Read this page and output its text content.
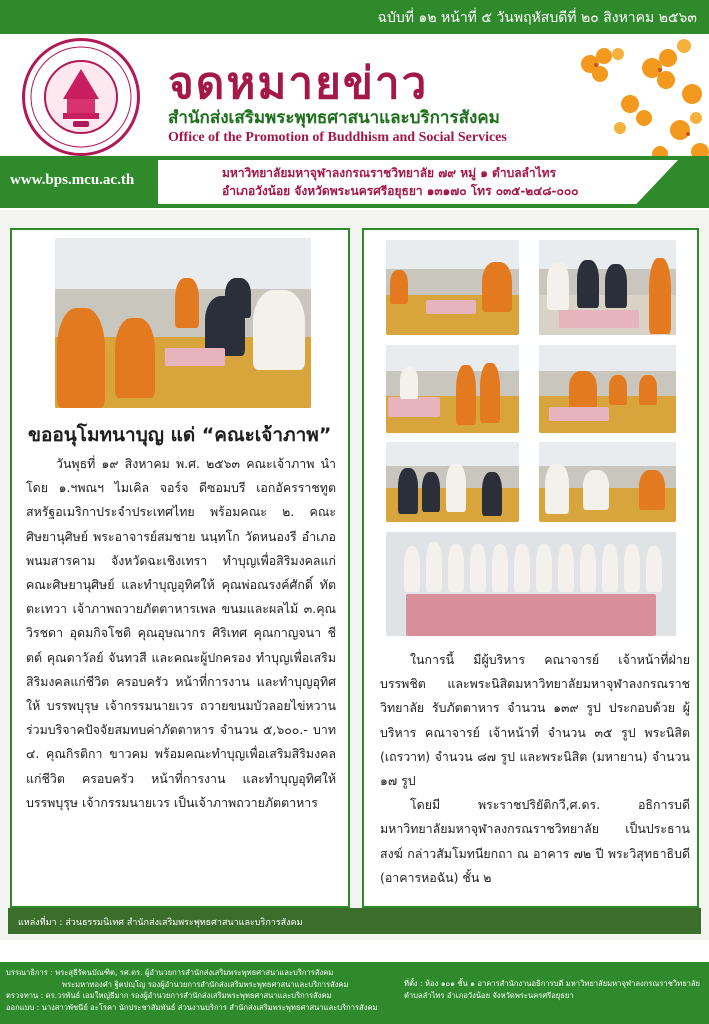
ฉบับที่ ๑๒ หน้าที่ ๕ วันพฤหัสบดีที่ ๒๐ สิงหาคม ๒๕๖๓
จดหมายข่าว
สำนักส่งเสริมพระพุทธศาสนาและบริการสังคม
Office of the Promotion of Buddhism and Social Services
www.bps.mcu.ac.th	มหาวิทยาลัยมหาจุฬาลงกรณราชวิทยาลัย ๗๙ หมู่ ๑ ตำบลลำไทร
อำเภอวังน้อย จังหวัดพระนครศรีอยุธยา ๑๓๑๗๐ โทร ๐๓๕-๒๔๘-๐๐๐
ขออนุโมทนาบุญ แด่ “คณะเจ้าภาพ”

วันพุธที่ ๑๙ สิงหาคม พ.ศ. ๒๕๖๓ คณะเจ้าภาพ นำโดย ๑.ฯพณฯ ไมเคิล จอร์จ ดีซอมบรี เอกอัครราชทูตสหรัฐอเมริกาประจำประเทศไทย พร้อมคณะ ๒. คณะศิษยานุศิษย์ พระอาจารย์สมชาย นนฺทโก วัดหนองรี อำเภอพนมสารคาม จังหวัดฉะเชิงเทรา ทำบุญเพื่อสิริมงคลแก่คณะศิษยานุศิษย์ และทำบุญอุทิศให้ คุณพ่อณรงค์ศักดิ์ ทัตตะเทวา เจ้าภาพถวายภัตตาหารเพล ขนมและผลไม้ ๓.คุณวิรชดา อุดมกิจโชติ คุณอุษณากร ศิริเทศ คุณกาญจนา ชีตต์ คุณดาวัลย์ จันทวสี และคณะผู้ปกครอง ทำบุญเพื่อเสริมสิริมงคลแก่ชีวิต ครอบครัว หน้าที่การงาน และทำบุญอุทิศให้ บรรพบุรุษ เจ้ากรรมนายเวร ถวายขนมบัวลอยไข่หวาน ร่วมบริจาคปัจจัยสมทบค่าภัตตาหาร จำนวน ๕,๖๐๐.- บาท ๔. คุณกิรติกา ขาวคม พร้อมคณะทำบุญเพื่อเสริมสิริมงคลแก่ชีวิต ครอบครัว หน้าที่การงาน และทำบุญอุทิศให้ บรรพบุรุษ เจ้ากรรมนายเวร เป็นเจ้าภาพถวายภัตตาหาร

ในการนี้ มีผู้บริหาร คณาจารย์ เจ้าหน้าที่ฝ่ายบรรพชิต และพระนิสิตมหาวิทยาลัยมหาจุฬาลงกรณราชวิทยาลัย รับภัตตาหาร จำนวน ๑๓๙ รูป ประกอบด้วย ผู้บริหาร คณาจารย์ เจ้าหน้าที่ จำนวน ๓๕ รูป พระนิสิต (เถรวาท) จำนวน ๘๗ รูป และพระนิสิต (มหายาน) จำนวน ๑๗ รูป

โดยมี พระราชปริยัติกวี,ศ.ดร. อธิการบดี มหาวิทยาลัยมหาจุฬาลงกรณราชวิทยาลัย เป็นประธานสงฆ์ กล่าวสัมโมทนียกถา ณ อาคาร ๗๒ ปี พระวิสุทธาธิบดี (อาคารหอฉัน) ชั้น ๒

แหล่งที่มา : ส่วนธรรมนิเทศ สำนักส่งเสริมพระพุทธศาสนาและบริการสังคม
บรรณาธิการ : พระสุธีรัตนบัณฑิต, รศ.ดร. ผู้อำนวยการสำนักส่งเสริมพระพุทธศาสนาและบริการสังคม
พระมหาทองคำ ฐิตปญฺโญ รองผู้อำนวยการสำนักส่งเสริมพระพุทธศาสนาและบริการสังคม
ตรวจทาน : ดร.วรพันธ์ เอมใหญ่ธีมาก รองผู้อำนวยการสำนักส่งเสริมพระพุทธศาสนาและบริการสังคม
ออกแบบ : นางสาวพัชนีย์ อะโรคา นักประชาสัมพันธ์ ส่วนงานบริการ สำนักส่งเสริมพระพุทธศาสนาและบริการสังคม
ที่ตั้ง : ห้อง ๑๐๑ ชั้น ๑ อาคารสำนักงานอธิการบดี มหาวิทยาลัยมหาจุฬาลงกรณราชวิทยาลัย ตำบลลำไทร อำเภอวังน้อย จังหวัดพระนครศรีอยุธยา
